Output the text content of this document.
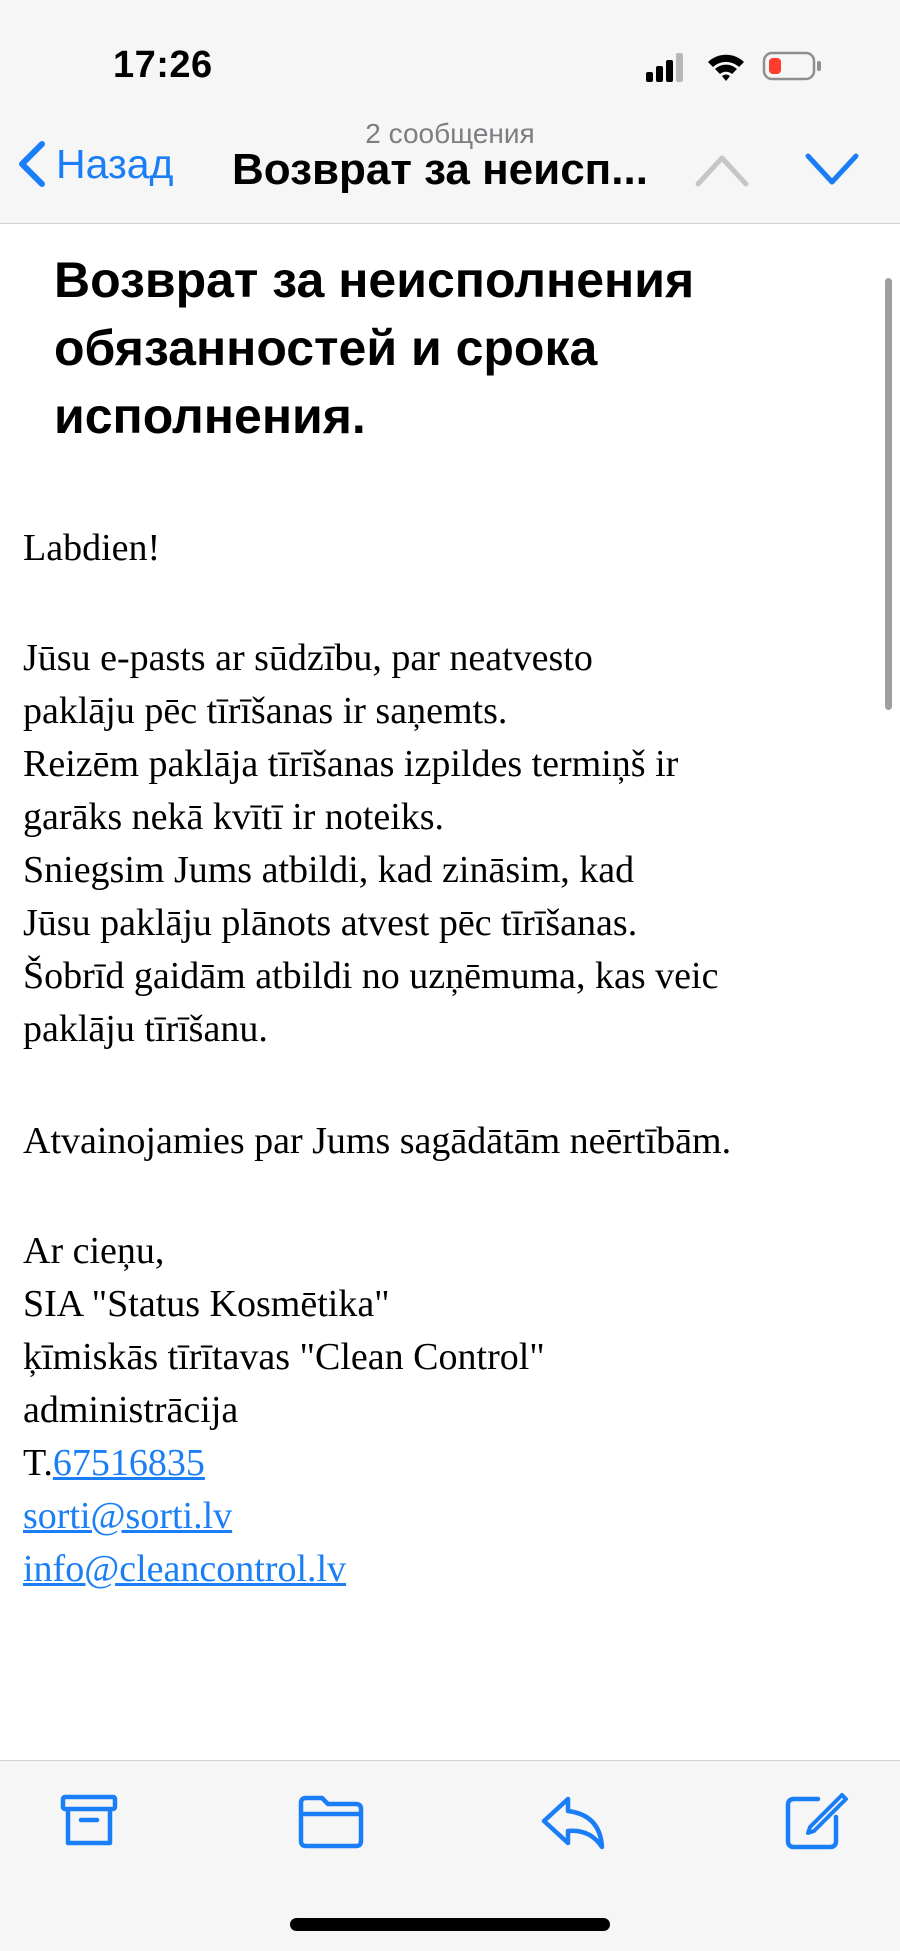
17:26
Назад
2 сообщения
Возврат за неисп...
Возврат за неисполнения обязанностей и срока исполнения.
Labdien!
Jūsu e-pasts ar sūdzību, par neatvesto
paklāju pēc tīrīšanas ir saņemts.
Reizēm paklāja tīrīšanas izpildes termiņš ir
garāks nekā kvītī ir noteiks.
Sniegsim Jums atbildi, kad zināsim, kad
Jūsu paklāju plānots atvest pēc tīrīšanas.
Šobrīd gaidām atbildi no uzņēmuma, kas veic
paklāju tīrīšanu.
Atvainojamies par Jums sagādātām neērtībām.
Ar cieņu,
SIA "Status Kosmētika"
ķīmiskās tīrītavas "Clean Control"
administrācija
T.67516835
sorti@sorti.lv
info@cleancontrol.lv
